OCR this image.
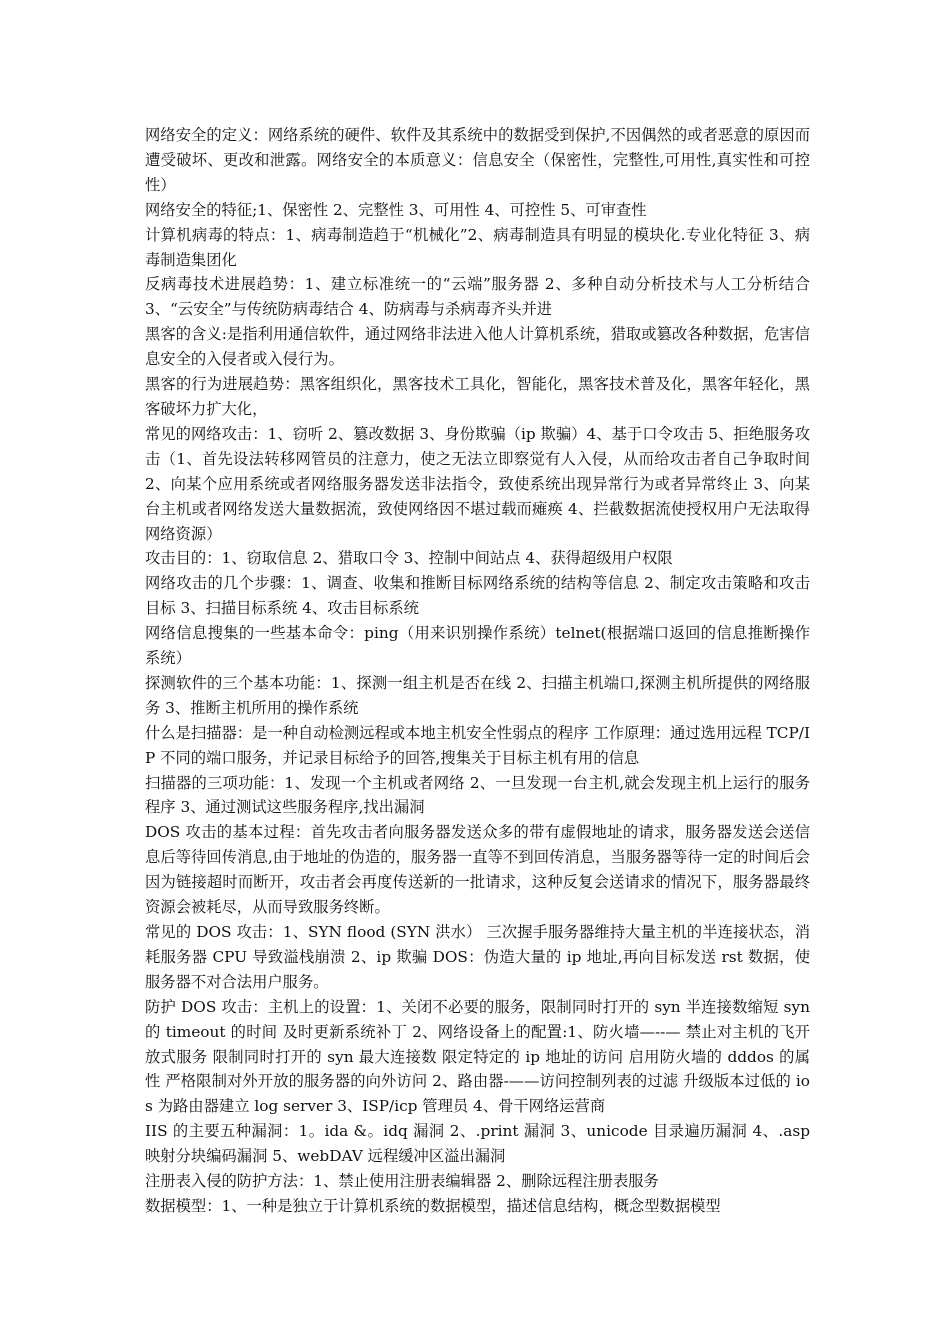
网络安全的定义：网络系统的硬件、软件及其系统中的数据受到保护,不因偶然的或者恶意的原因而遭受破坏、更改和泄露。网络安全的本质意义：信息安全（保密性，完整性,可用性,真实性和可控性）

网络安全的特征;1、保密性 2、完整性 3、可用性 4、可控性 5、可审查性

计算机病毒的特点：1、病毒制造趋于“机械化”2、病毒制造具有明显的模块化.专业化特征 3、病毒制造集团化

反病毒技术进展趋势：1、建立标准统一的“云端”服务器 2、多种自动分析技术与人工分析结合 3、“云安全”与传统防病毒结合 4、防病毒与杀病毒齐头并进

黑客的含义:是指利用通信软件，通过网络非法进入他人计算机系统，猎取或篡改各种数据，危害信息安全的入侵者或入侵行为。

黑客的行为进展趋势：黑客组织化，黑客技术工具化，智能化，黑客技术普及化，黑客年轻化，黑客破坏力扩大化，

常见的网络攻击：1、窃听 2、篡改数据 3、身份欺骗（ip 欺骗）4、基于口令攻击 5、拒绝服务攻击（1、首先设法转移网管员的注意力，使之无法立即察觉有人入侵，从而给攻击者自己争取时间 2、向某个应用系统或者网络服务器发送非法指令，致使系统出现异常行为或者异常终止 3、向某台主机或者网络发送大量数据流，致使网络因不堪过载而瘫痪 4、拦截数据流使授权用户无法取得网络资源）

攻击目的：1、窃取信息 2、猎取口令 3、控制中间站点 4、获得超级用户权限

网络攻击的几个步骤：1、调查、收集和推断目标网络系统的结构等信息 2、制定攻击策略和攻击目标 3、扫描目标系统 4、攻击目标系统

网络信息搜集的一些基本命令：ping（用来识别操作系统）telnet(根据端口返回的信息推断操作系统）

探测软件的三个基本功能：1、探测一组主机是否在线 2、扫描主机端口,探测主机所提供的网络服务 3、推断主机所用的操作系统

什么是扫描器：是一种自动检测远程或本地主机安全性弱点的程序 工作原理：通过选用远程 TCP/IP 不同的端口服务，并记录目标给予的回答,搜集关于目标主机有用的信息

扫描器的三项功能：1、发现一个主机或者网络 2、一旦发现一台主机,就会发现主机上运行的服务程序 3、通过测试这些服务程序,找出漏洞

DOS 攻击的基本过程：首先攻击者向服务器发送众多的带有虚假地址的请求，服务器发送会送信息后等待回传消息,由于地址的伪造的，服务器一直等不到回传消息，当服务器等待一定的时间后会因为链接超时而断开，攻击者会再度传送新的一批请求，这种反复会送请求的情况下，服务器最终资源会被耗尽，从而导致服务终断。

常见的 DOS 攻击：1、SYN flood (SYN 洪水） 三次握手服务器维持大量主机的半连接状态，消耗服务器 CPU 导致溢栈崩溃 2、ip 欺骗 DOS：伪造大量的 ip 地址,再向目标发送 rst 数据，使服务器不对合法用户服务。

防护 DOS 攻击：主机上的设置：1、关闭不必要的服务，限制同时打开的 syn 半连接数缩短 syn 的 timeout 的时间 及时更新系统补丁 2、网络设备上的配置:1、防火墙—--— 禁止对主机的飞开放式服务 限制同时打开的 syn 最大连接数 限定特定的 ip 地址的访问 启用防火墙的 dddos 的属性 严格限制对外开放的服务器的向外访问 2、路由器-——访问控制列表的过滤 升级版本过低的 ios 为路由器建立 log server 3、ISP/icp 管理员 4、骨干网络运营商

IIS 的主要五种漏洞：1。ida &。idq 漏洞 2、.print 漏洞 3、unicode 目录遍历漏洞 4、.asp 映射分块编码漏洞 5、webDAV 远程缓冲区溢出漏洞

注册表入侵的防护方法：1、禁止使用注册表编辑器 2、删除远程注册表服务

数据模型：1、一种是独立于计算机系统的数据模型，描述信息结构，概念型数据模型
